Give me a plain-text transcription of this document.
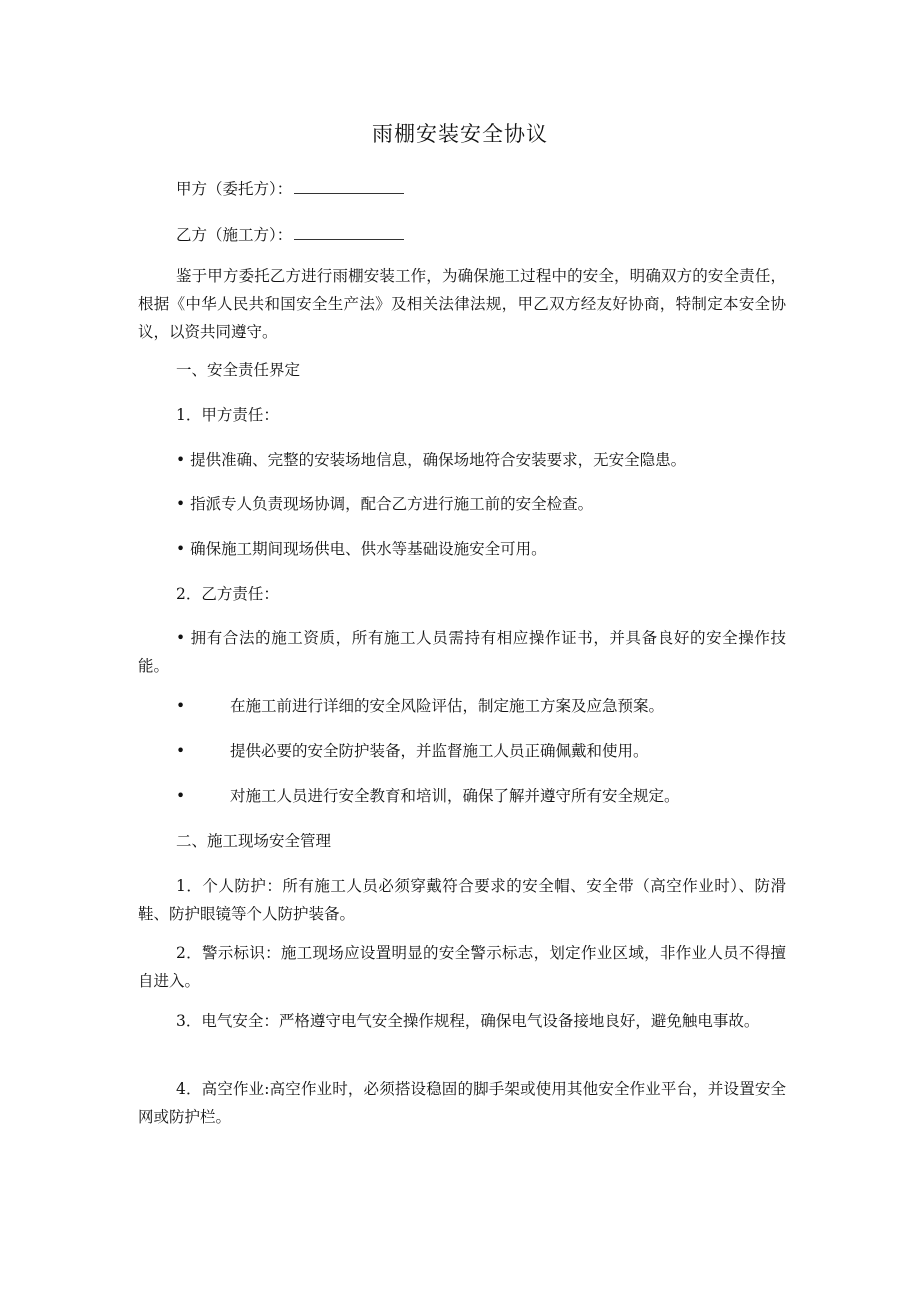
雨棚安装安全协议
甲方（委托方）：
乙方（施工方）：
鉴于甲方委托乙方进行雨棚安装工作，为确保施工过程中的安全，明确双方的安全责任，根据《中华人民共和国安全生产法》及相关法律法规，甲乙双方经友好协商，特制定本安全协议，以资共同遵守。
一、安全责任界定
1．甲方责任：
• 提供准确、完整的安装场地信息，确保场地符合安装要求，无安全隐患。
• 指派专人负责现场协调，配合乙方进行施工前的安全检查。
• 确保施工期间现场供电、供水等基础设施安全可用。
2．乙方责任：
• 拥有合法的施工资质，所有施工人员需持有相应操作证书，并具备良好的安全操作技能。
•	在施工前进行详细的安全风险评估，制定施工方案及应急预案。
•	提供必要的安全防护装备，并监督施工人员正确佩戴和使用。
•	对施工人员进行安全教育和培训，确保了解并遵守所有安全规定。
二、施工现场安全管理
1．个人防护：所有施工人员必须穿戴符合要求的安全帽、安全带（高空作业时）、防滑鞋、防护眼镜等个人防护装备。
2．警示标识：施工现场应设置明显的安全警示标志，划定作业区域，非作业人员不得擅自进入。
3．电气安全：严格遵守电气安全操作规程，确保电气设备接地良好，避免触电事故。
4．高空作业:高空作业时，必须搭设稳固的脚手架或使用其他安全作业平台，并设置安全网或防护栏。
